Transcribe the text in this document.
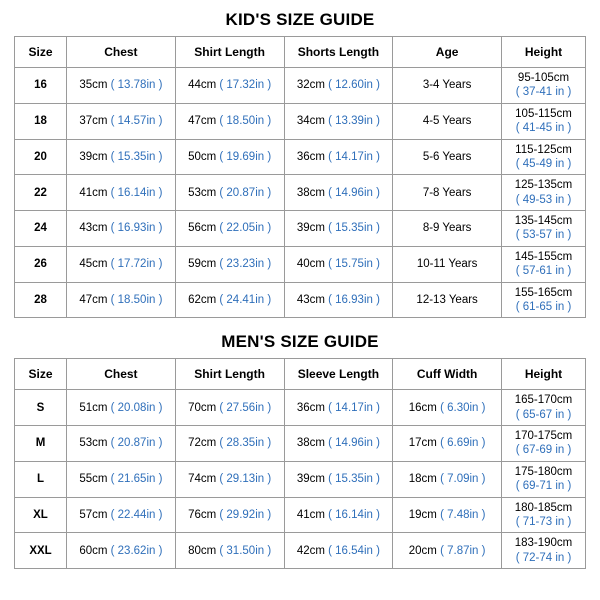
KID'S SIZE GUIDE
Size	Chest	Shirt Length	Shorts Length	Age	Height
16	35cm ( 13.78in )	44cm ( 17.32in )	32cm ( 12.60in )	3-4 Years	95-105cm
( 37-41 in )

18	37cm ( 14.57in )	47cm ( 18.50in )	34cm ( 13.39in )	4-5 Years	105-115cm
( 41-45 in )

20	39cm ( 15.35in )	50cm ( 19.69in )	36cm ( 14.17in )	5-6 Years	115-125cm
( 45-49 in )

22	41cm ( 16.14in )	53cm ( 20.87in )	38cm ( 14.96in )	7-8 Years	125-135cm
( 49-53 in )

24	43cm ( 16.93in )	56cm ( 22.05in )	39cm ( 15.35in )	8-9 Years	135-145cm
( 53-57 in )

26	45cm ( 17.72in )	59cm ( 23.23in )	40cm ( 15.75in )	10-11 Years	145-155cm
( 57-61 in )

28	47cm ( 18.50in )	62cm ( 24.41in )	43cm ( 16.93in )	12-13 Years	155-165cm
( 61-65 in )
MEN'S SIZE GUIDE
Size	Chest	Shirt Length	Sleeve Length	Cuff Width	Height
S	51cm ( 20.08in )	70cm ( 27.56in )	36cm ( 14.17in )	16cm ( 6.30in )	165-170cm
( 65-67 in )

M	53cm ( 20.87in )	72cm ( 28.35in )	38cm ( 14.96in )	17cm ( 6.69in )	170-175cm
( 67-69 in )

L	55cm ( 21.65in )	74cm ( 29.13in )	39cm ( 15.35in )	18cm ( 7.09in )	175-180cm
( 69-71 in )

XL	57cm ( 22.44in )	76cm ( 29.92in )	41cm ( 16.14in )	19cm ( 7.48in )	180-185cm
( 71-73 in )

XXL	60cm ( 23.62in )	80cm ( 31.50in )	42cm ( 16.54in )	20cm ( 7.87in )	183-190cm
( 72-74 in )
